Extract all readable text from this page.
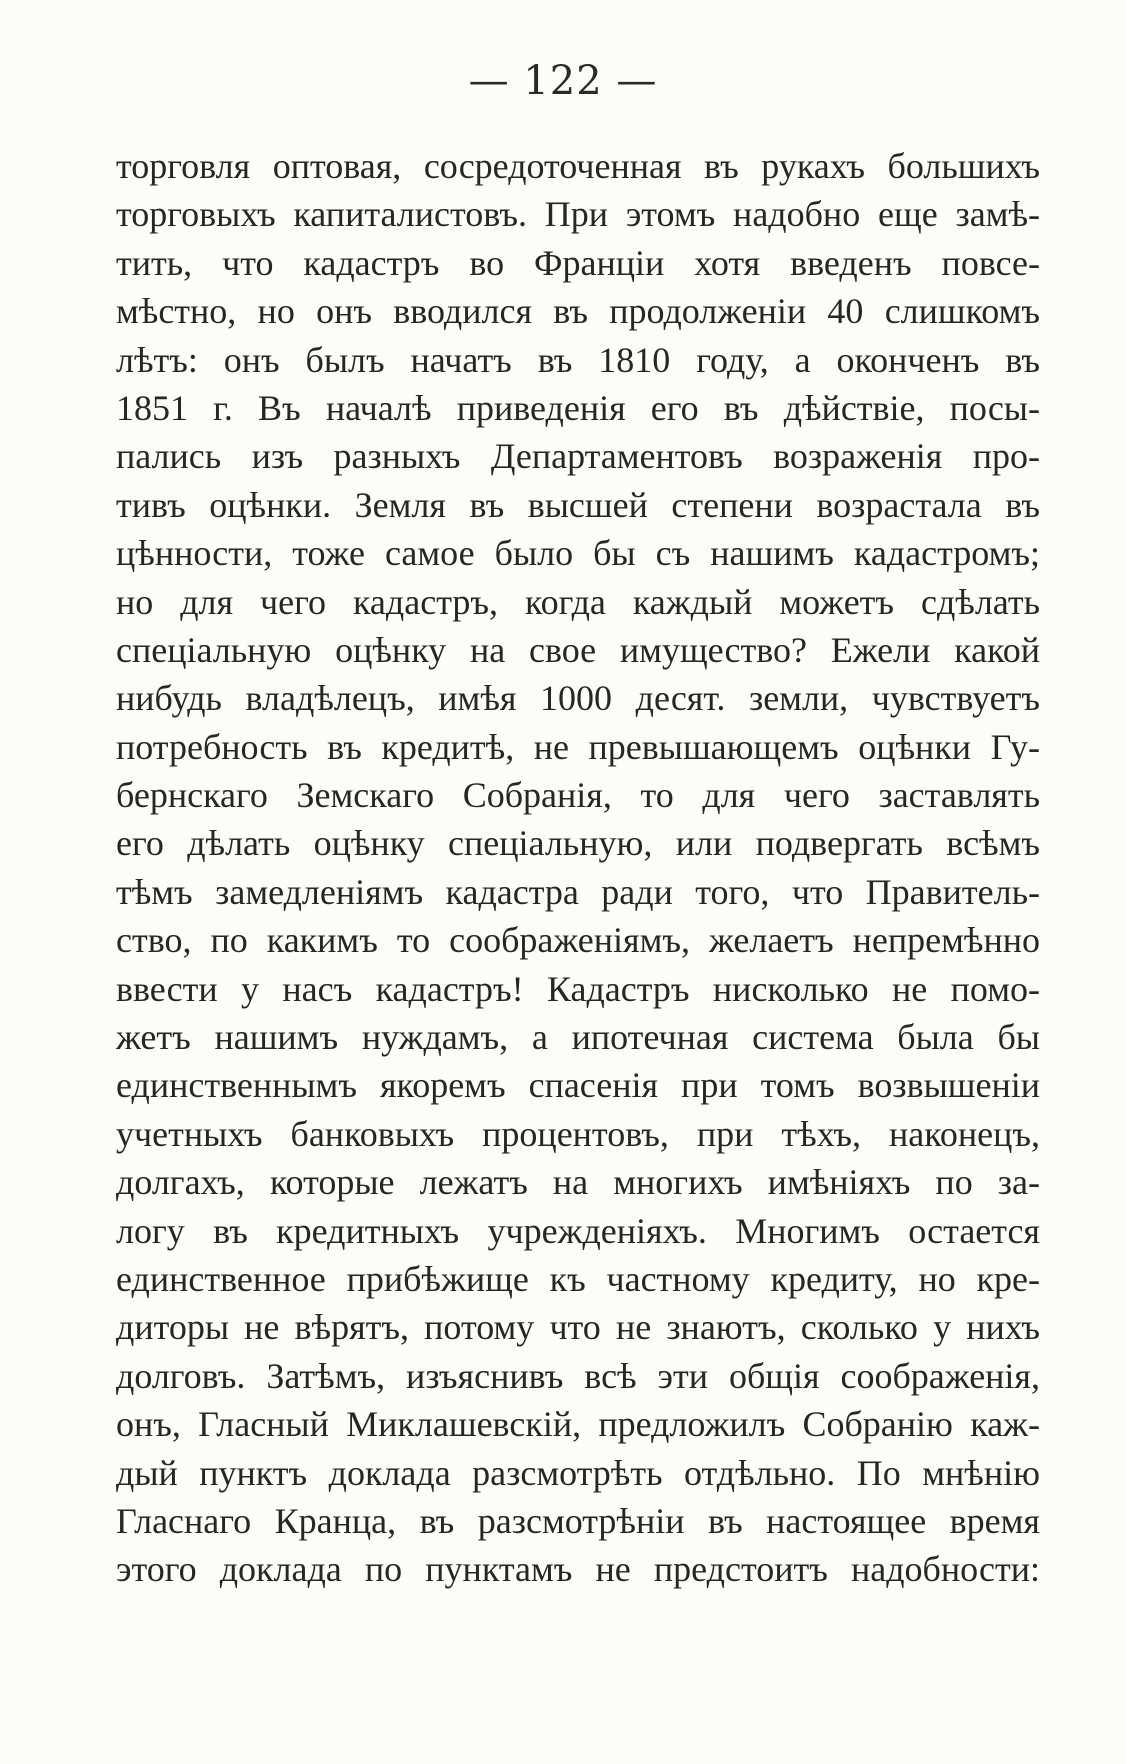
— 122 —
торговля оптовая, сосредоточенная въ рукахъ большихъ
торговыхъ капиталистовъ. При этомъ надобно еще замѣ-
тить, что кадастръ во Франціи хотя введенъ повсе-
мѣстно, но онъ вводился въ продолженіи 40 слишкомъ
лѣтъ: онъ былъ начатъ въ 1810 году, а оконченъ въ
1851 г. Въ началѣ приведенія его въ дѣйствіе, посы-
пались изъ разныхъ Департаментовъ возраженія про-
тивъ оцѣнки. Земля въ высшей степени возрастала въ
цѣнности, тоже самое было бы съ нашимъ кадастромъ;
но для чего кадастръ, когда каждый можетъ сдѣлать
спеціальную оцѣнку на свое имущество? Ежели какой
нибудь владѣлецъ, имѣя 1000 десят. земли, чувствуетъ
потребность въ кредитѣ, не превышающемъ оцѣнки Гу-
бернскаго Земскаго Собранія, то для чего заставлять
его дѣлать оцѣнку спеціальную, или подвергать всѣмъ
тѣмъ замедленіямъ кадастра ради того, что Правитель-
ство, по какимъ то соображеніямъ, желаетъ непремѣнно
ввести у насъ кадастръ! Кадастръ нисколько не помо-
жетъ нашимъ нуждамъ, а ипотечная система была бы
единственнымъ якоремъ спасенія при томъ возвышеніи
учетныхъ банковыхъ процентовъ, при тѣхъ, наконецъ,
долгахъ, которые лежатъ на многихъ имѣніяхъ по за-
логу въ кредитныхъ учрежденіяхъ. Многимъ остается
единственное прибѣжище къ частному кредиту, но кре-
диторы не вѣрятъ, потому что не знаютъ, сколько у нихъ
долговъ. Затѣмъ, изъяснивъ всѣ эти общія соображенія,
онъ, Гласный Миклашевскій, предложилъ Собранію каж-
дый пунктъ доклада разсмотрѣть отдѣльно. По мнѣнію
Гласнаго Кранца, въ разсмотрѣніи въ настоящее время
этого доклада по пунктамъ не предстоитъ надобности:
